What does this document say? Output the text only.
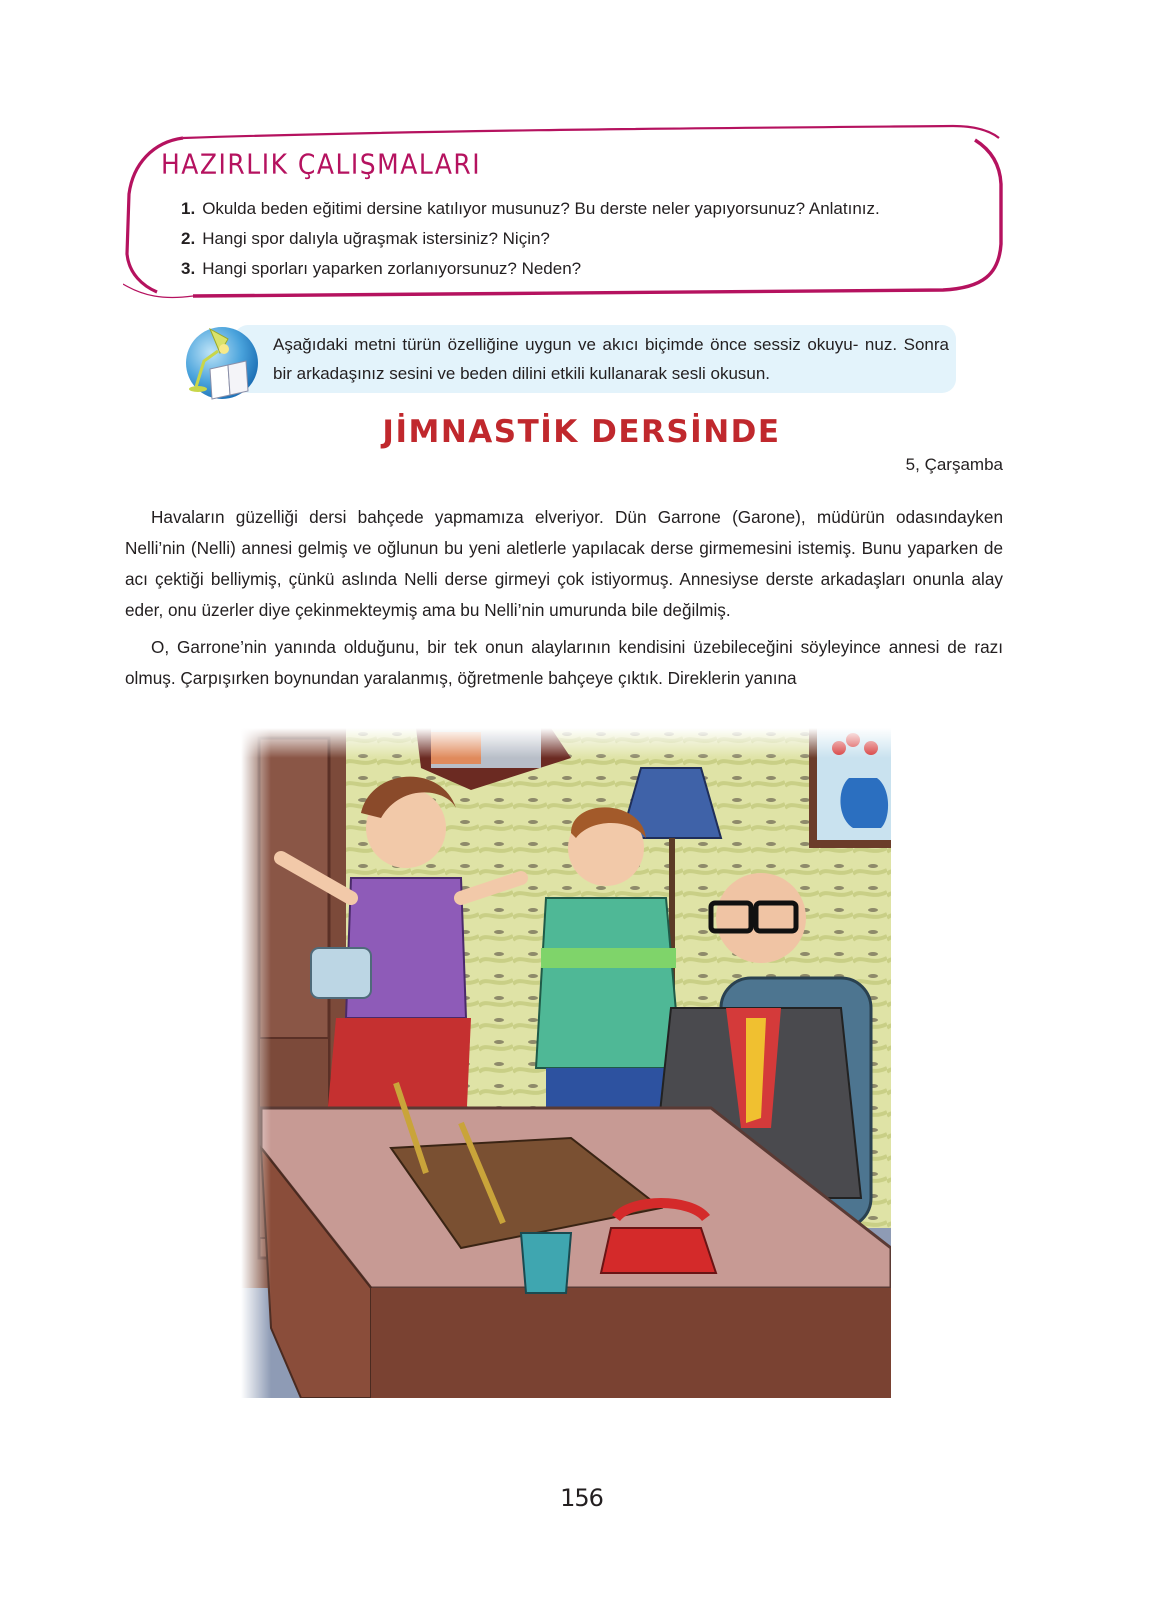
HAZIRLIK ÇALIŞMALARI
1. Okulda beden eğitimi dersine katılıyor musunuz? Bu derste neler yapıyorsunuz? Anlatınız.
2. Hangi spor dalıyla uğraşmak istersiniz? Niçin?
3. Hangi sporları yaparken zorlanıyorsunuz? Neden?
Aşağıdaki metni türün özelliğine uygun ve akıcı biçimde önce sessiz okuyu- nuz. Sonra bir arkadaşınız sesini ve beden dilini etkili kullanarak sesli okusun.
JİMNASTİK DERSİNDE
5, Çarşamba

Havaların güzelliği dersi bahçede yapmamıza elveriyor. Dün Garrone (Garone), müdürün odasındayken Nelli’nin (Nelli) annesi gelmiş ve oğlunun bu yeni aletlerle yapılacak derse girmemesini istemiş. Bunu yaparken de acı çektiği belliymiş, çünkü aslında Nelli derse girmeyi çok istiyormuş. Annesiyse derste arkadaşları onunla alay eder, onu üzerler diye çekinmekteymiş ama bu Nelli’nin umurunda bile değilmiş.

O, Garrone’nin yanında olduğunu, bir tek onun alaylarının kendisini üzebileceğini söyleyince annesi de razı olmuş. Çarpışırken boynundan yaralanmış, öğretmenle bahçeye çıktık. Direklerin yanına

156
